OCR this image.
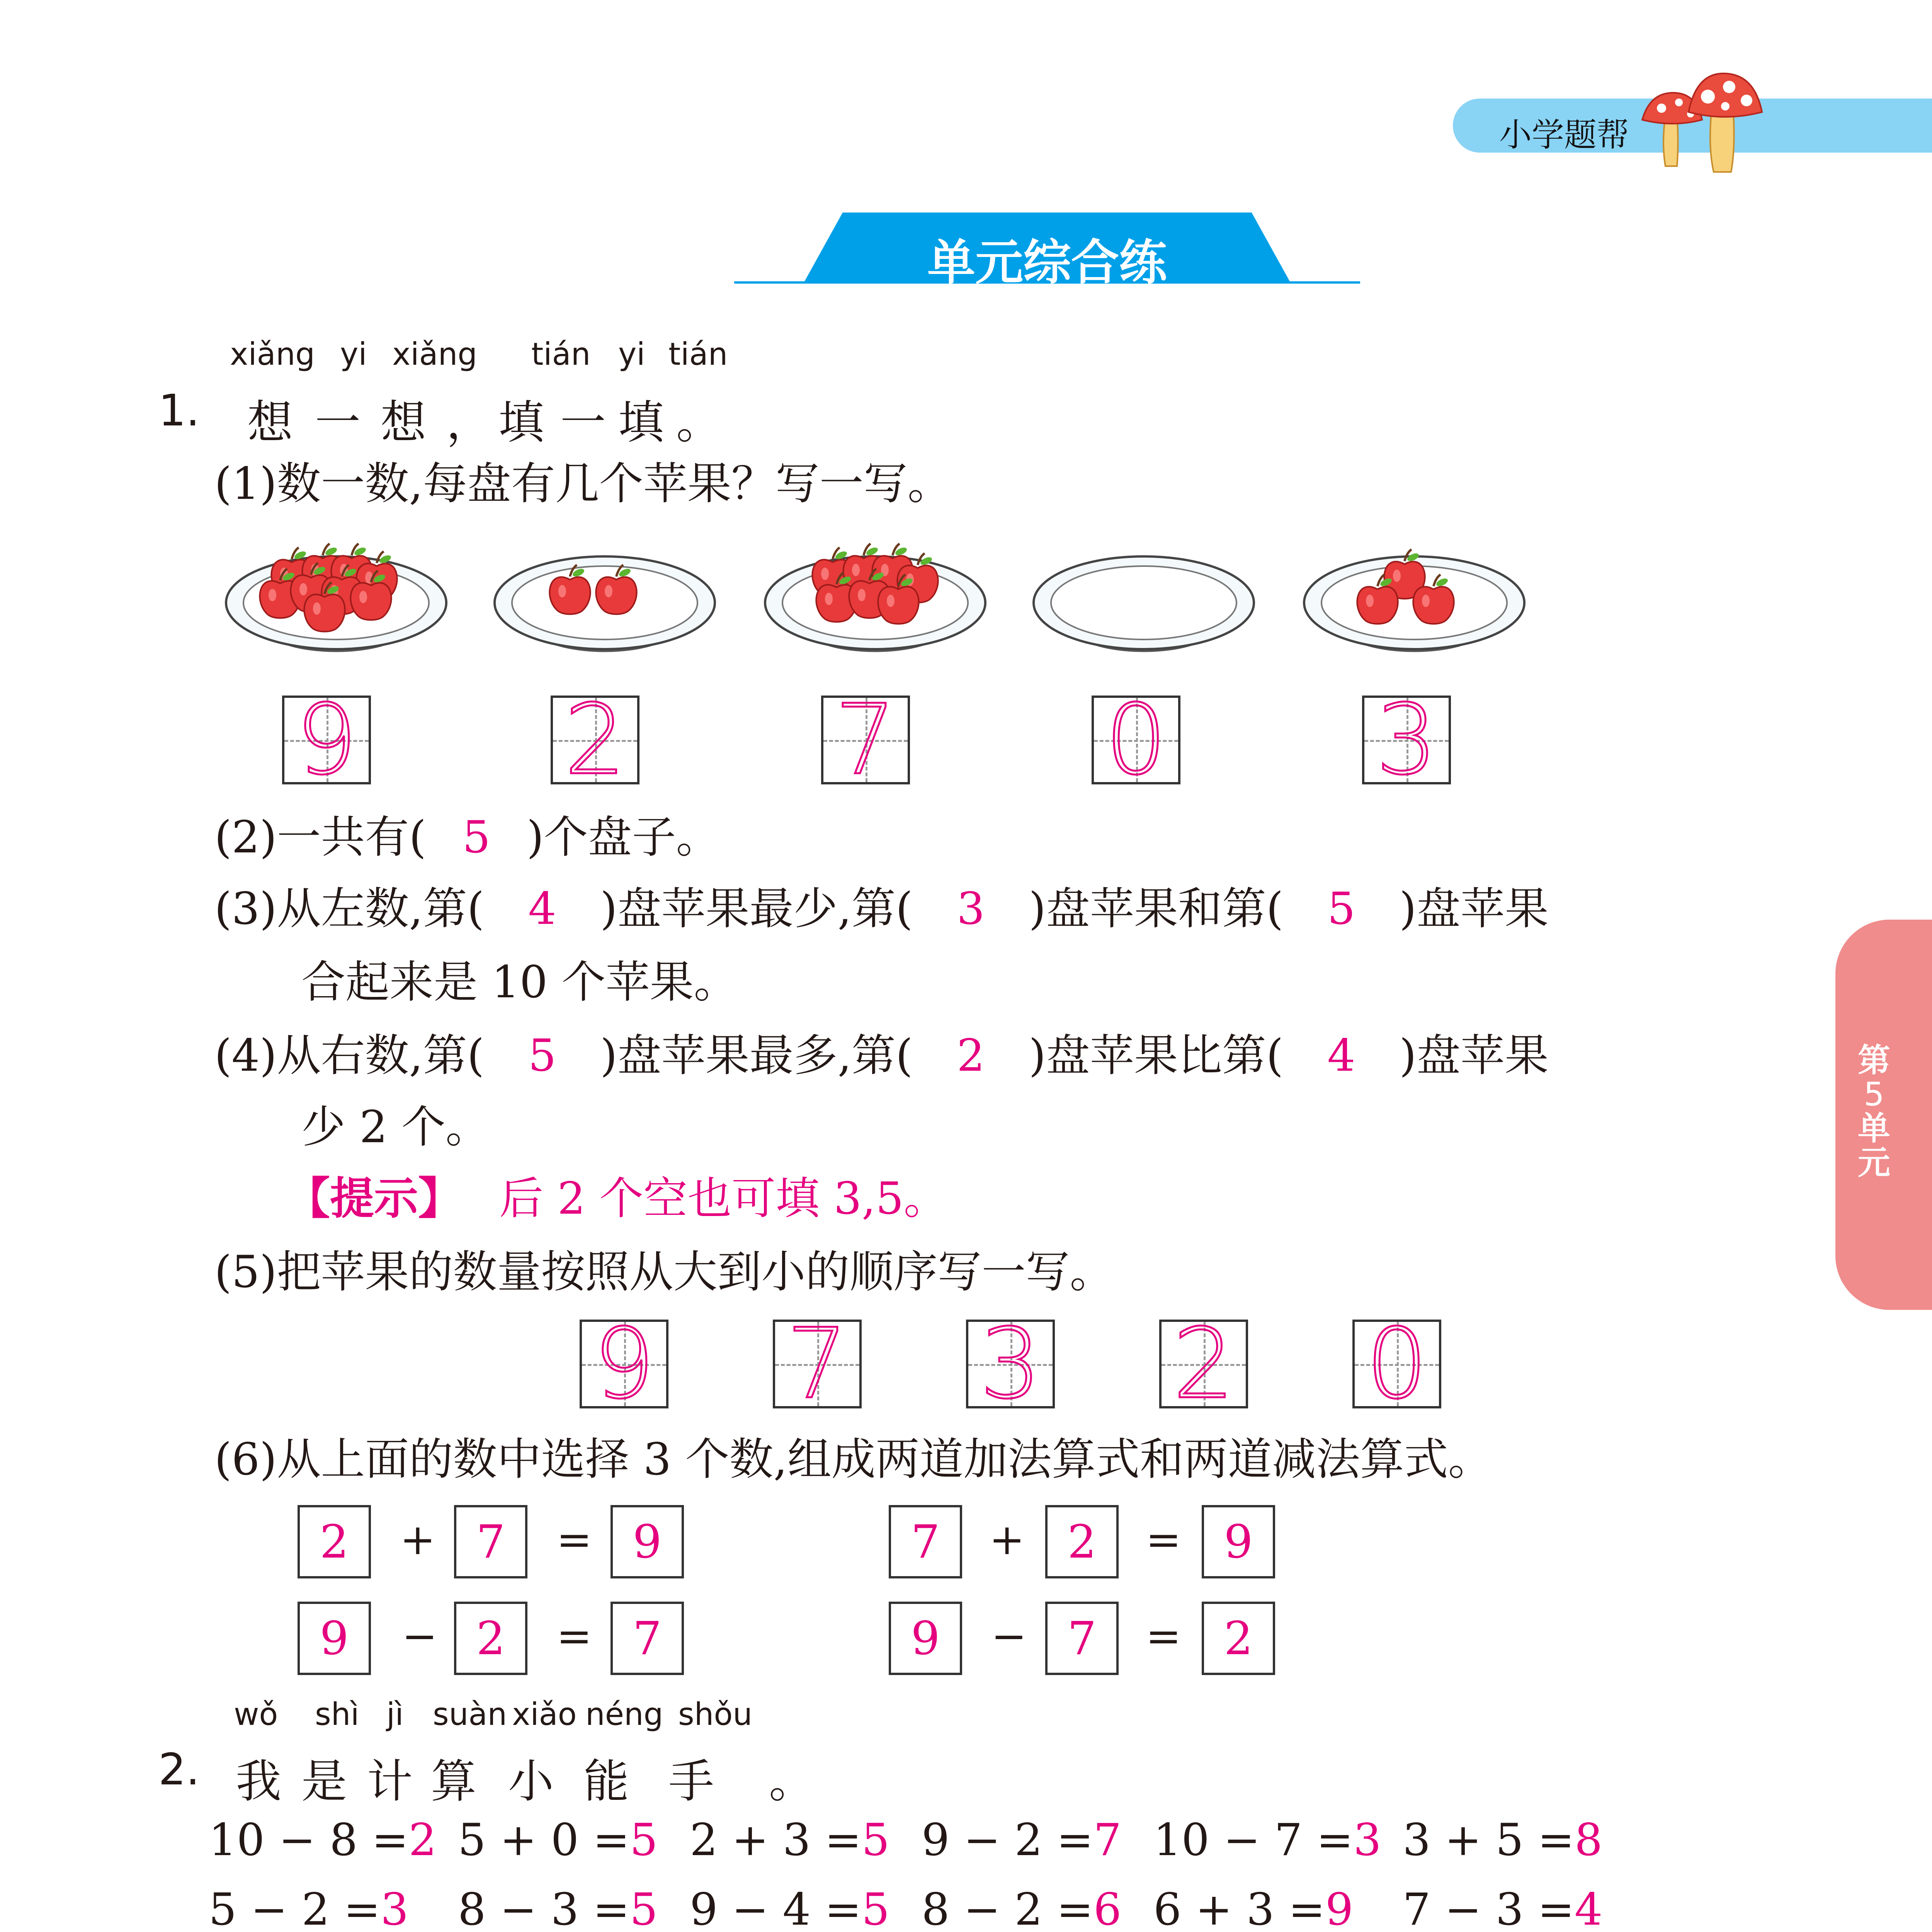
小学题帮
单元综合练
第
5
单
元
xiǎng yi xiǎng tián yi tián
1. 想 一 想 ， 填 一 填 。
(1)数一数,每盘有几个苹果？写一写。
9 2 7 0 3
(2)一共有( 5 )个盘子。
(3)从左数,第( 4 )盘苹果最少,第( 3 )盘苹果和第( 5 )盘苹果
合起来是 10 个苹果。
(4)从右数,第( 5 )盘苹果最多,第( 2 )盘苹果比第( 4 )盘苹果
少 2 个。
【提示】 后 2 个空也可填 3,5。
(5)把苹果的数量按照从大到小的顺序写一写。
9 7 3 2 0
(6)从上面的数中选择 3 个数,组成两道加法算式和两道减法算式。
2	+ 7	= 9	7	+ 2	= 9
9	− 2	= 7	9	− 7	= 2
wǒ shì jì suàn xiǎo néng shǒu
2. 我 是 计 算 小 能 手 。
10 − 8 =2 5 + 0 =5 2 + 3 =5 9 − 2 =7 10 − 7 =3 3 + 5 =8
5 − 2 =3 8 − 3 =5 9 − 4 =5 8 − 2 =6 6 + 3 =9 7 − 3 =4
